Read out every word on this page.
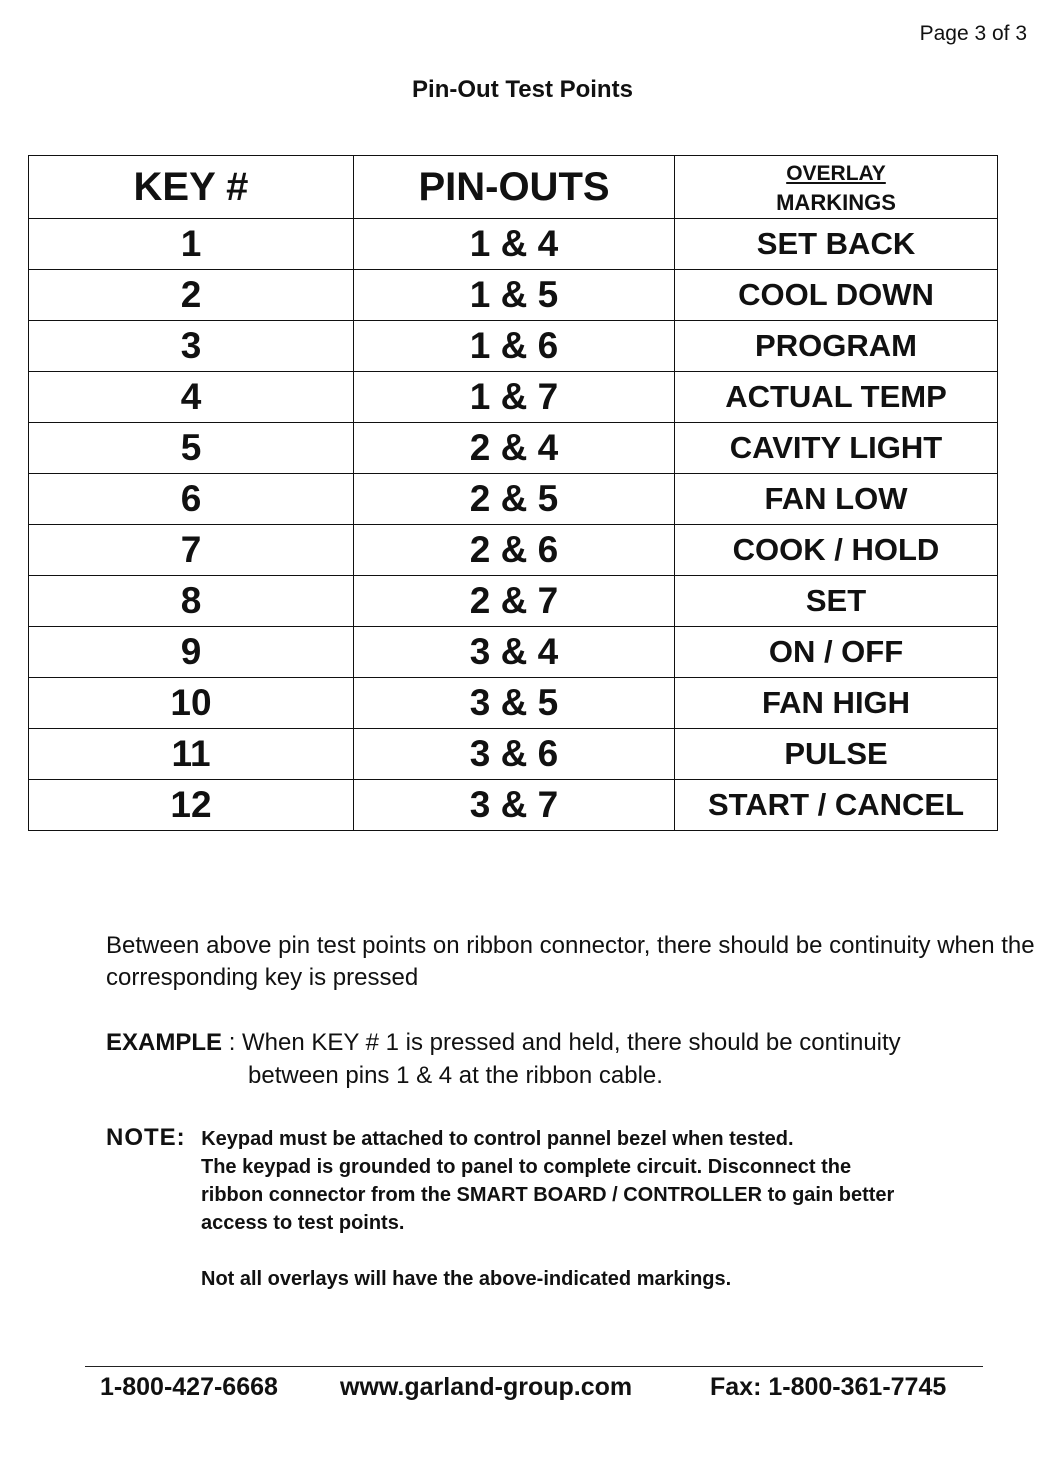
Page 3 of 3
Pin-Out Test Points
KEY #	PIN-OUTS	OVERLAY
MARKINGS
1	1 & 4	SET BACK
2	1 & 5	COOL DOWN
3	1 & 6	PROGRAM
4	1 & 7	ACTUAL TEMP
5	2 & 4	CAVITY LIGHT
6	2 & 5	FAN LOW
7	2 & 6	COOK / HOLD
8	2 & 7	SET
9	3 & 4	ON / OFF
10	3 & 5	FAN HIGH
11	3 & 6	PULSE
12	3 & 7	START / CANCEL
Between above pin test points on ribbon connector, there should be continuity when the corresponding key is pressed
EXAMPLE : When KEY # 1 is pressed and held, there should be continuity
between pins 1 & 4 at the ribbon cable.
NOTE: Keypad must be attached to control pannel bezel when tested.
The keypad is grounded to panel to complete circuit. Disconnect the
ribbon connector from the SMART BOARD / CONTROLLER to gain better
access to test points.
Not all overlays will have the above-indicated markings.
1-800-427-6668 www.garland-group.com	Fax: 1-800-361-7745
